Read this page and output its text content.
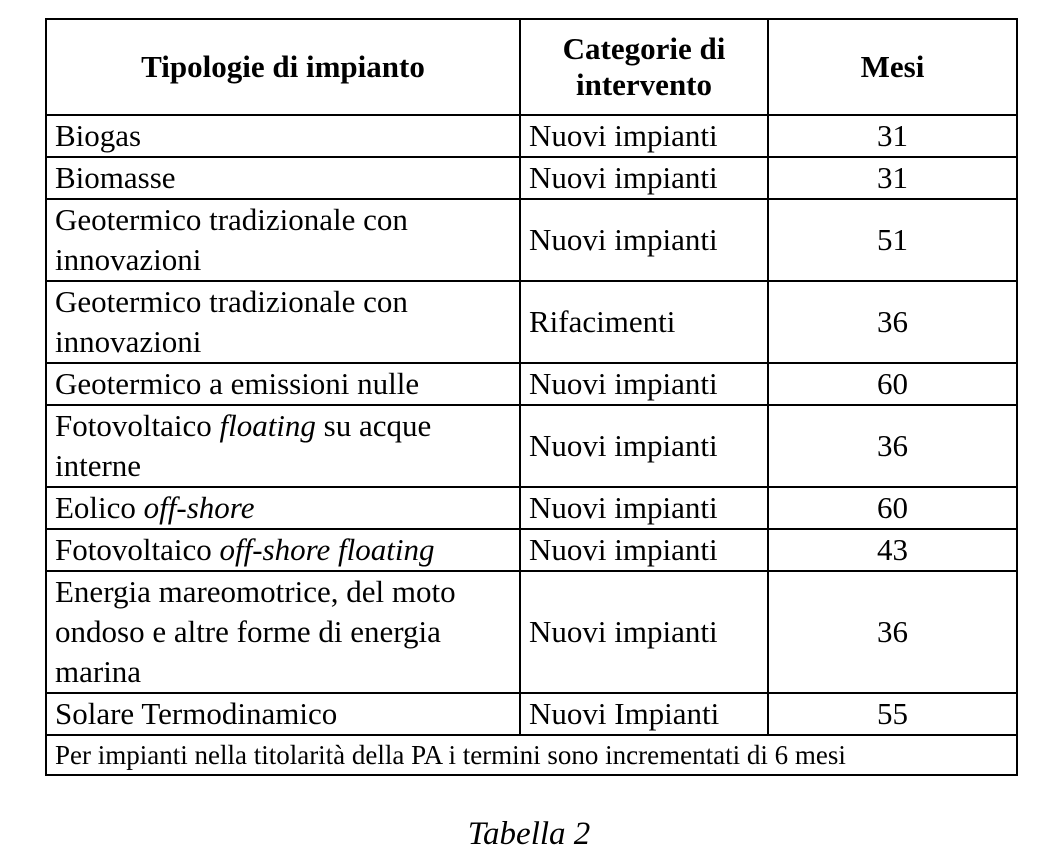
Tipologie di impianto	Categorie di intervento	Mesi
Biogas	Nuovi impianti	31
Biomasse	Nuovi impianti	31
Geotermico tradizionale con innovazioni	Nuovi impianti	51
Geotermico tradizionale con innovazioni	Rifacimenti	36
Geotermico a emissioni nulle	Nuovi impianti	60
Fotovoltaico floating su acque interne	Nuovi impianti	36
Eolico off-shore	Nuovi impianti	60
Fotovoltaico off-shore floating	Nuovi impianti	43
Energia mareomotrice, del moto ondoso e altre forme di energia marina	Nuovi impianti	36
Solare Termodinamico	Nuovi Impianti	55
Per impianti nella titolarità della PA i termini sono incrementati di 6 mesi		
Tabella 2
